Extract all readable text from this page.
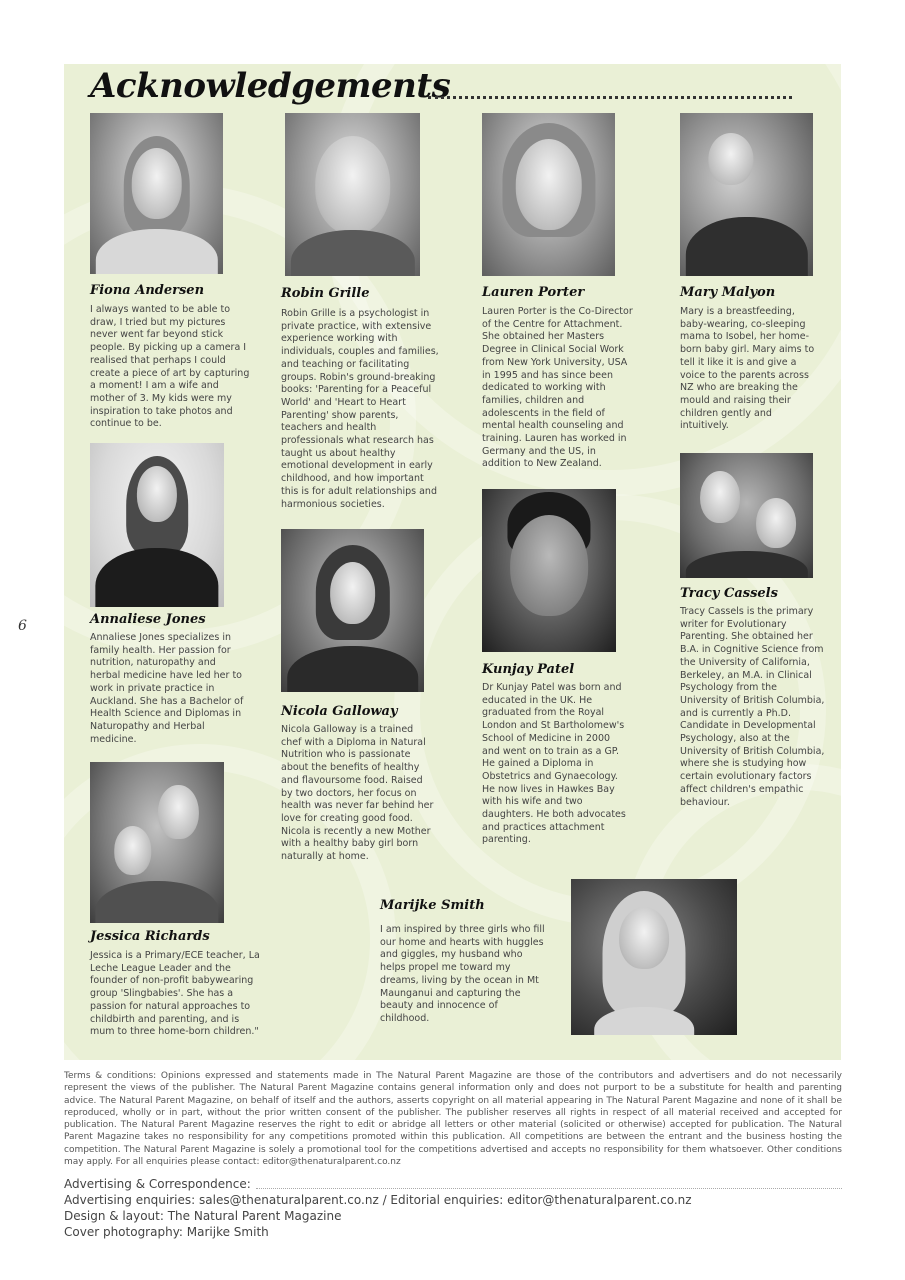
Acknowledgements
Fiona Andersen

I always wanted to be able to draw, I tried but my pictures never went far beyond stick people. By picking up a camera I realised that perhaps I could create a piece of art by capturing a moment! I am a wife and mother of 3. My kids were my inspiration to take photos and continue to be.

Robin Grille

Robin Grille is a psychologist in private practice, with extensive experience working with individuals, couples and families, and teaching or facilitating groups. Robin's ground-breaking books: 'Parenting for a Peaceful World' and 'Heart to Heart Parenting' show parents, teachers and health professionals what research has taught us about healthy emotional development in early childhood, and how important this is for adult relationships and harmonious societies.

Lauren Porter

Lauren Porter is the Co-Director of the Centre for Attachment. She obtained her Masters Degree in Clinical Social Work from New York University, USA in 1995 and has since been dedicated to working with families, children and adolescents in the field of mental health counseling and training. Lauren has worked in Germany and the US, in addition to New Zealand.

Mary Malyon

Mary is a breastfeeding, baby-wearing, co-sleeping mama to Isobel, her home-born baby girl. Mary aims to tell it like it is and give a voice to the parents across NZ who are breaking the mould and raising their children gently and intuitively.

Annaliese Jones

Annaliese Jones specializes in family health. Her passion for nutrition, naturopathy and herbal medicine have led her to work in private practice in Auckland. She has a Bachelor of Health Science and Diplomas in Naturopathy and Herbal medicine.

Nicola Galloway

Nicola Galloway is a trained chef with a Diploma in Natural Nutrition who is passionate about the benefits of healthy and flavoursome food. Raised by two doctors, her focus on health was never far behind her love for creating good food. Nicola is recently a new Mother with a healthy baby girl born naturally at home.

Kunjay Patel

Dr Kunjay Patel was born and educated in the UK. He graduated from the Royal London and St Bartholomew's School of Medicine in 2000 and went on to train as a GP. He gained a Diploma in Obstetrics and Gynaecology. He now lives in Hawkes Bay with his wife and two daughters. He both advocates and practices attachment parenting.

Tracy Cassels

Tracy Cassels is the primary writer for Evolutionary Parenting. She obtained her B.A. in Cognitive Science from the University of California, Berkeley, an M.A. in Clinical Psychology from the University of British Columbia, and is currently a Ph.D. Candidate in Developmental Psychology, also at the University of British Columbia, where she is studying how certain evolutionary factors affect children's empathic behaviour.

Jessica Richards

Jessica is a Primary/ECE teacher, La Leche League Leader and the founder of non-profit babywearing group 'Slingbabies'. She has a passion for natural approaches to childbirth and parenting, and is mum to three home-born children."

Marijke Smith

I am inspired by three girls who fill our home and hearts with huggles and giggles, my husband who helps propel me toward my dreams, living by the ocean in Mt Maunganui and capturing the beauty and innocence of childhood.

6

Terms & conditions: Opinions expressed and statements made in The Natural Parent Magazine are those of the contributors and advertisers and do not necessarily represent the views of the publisher. The Natural Parent Magazine contains general information only and does not purport to be a substitute for health and parenting advice. The Natural Parent Magazine, on behalf of itself and the authors, asserts copyright on all material appearing in The Natural Parent Magazine and none of it shall be reproduced, wholly or in part, without the prior written consent of the publisher. The publisher reserves all rights in respect of all material received and accepted for publication. The Natural Parent Magazine reserves the right to edit or abridge all letters or other material (solicited or otherwise) accepted for publication. The Natural Parent Magazine takes no responsibility for any competitions promoted within this publication. All competitions are between the entrant and the business hosting the competition. The Natural Parent Magazine is solely a promotional tool for the competitions advertised and accepts no responsibility for them whatsoever. Other conditions may apply. For all enquiries please contact: editor@thenaturalparent.co.nz

Advertising & Correspondence:

Advertising enquiries: sales@thenaturalparent.co.nz / Editorial enquiries: editor@thenaturalparent.co.nz

Design & layout: The Natural Parent Magazine

Cover photography: Marijke Smith
